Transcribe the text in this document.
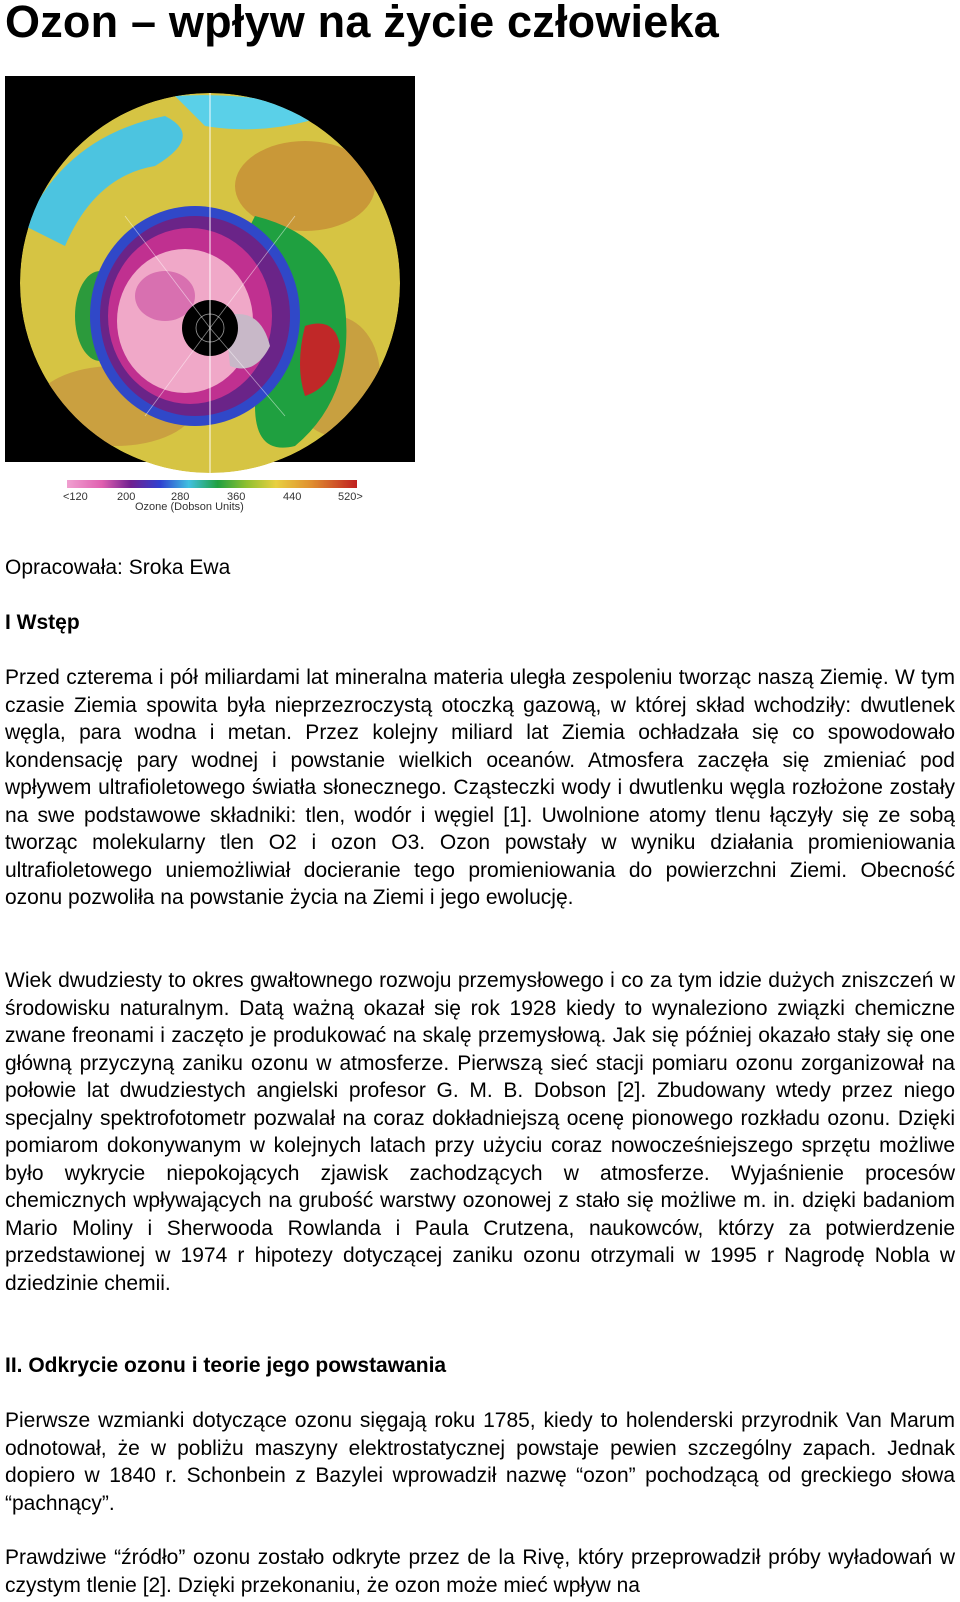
Ozon – wpływ na życie człowieka
<120	200	280	360	440	520>
Ozone (Dobson Units)

Opracowała: Sroka Ewa

I Wstęp

Przed czterema i pół miliardami lat mineralna materia uległa zespoleniu tworząc naszą Ziemię. W tym czasie Ziemia spowita była nieprzezroczystą otoczką gazową, w której skład wchodziły: dwutlenek węgla, para wodna i metan. Przez kolejny miliard lat Ziemia ochładzała się co spowodowało kondensację pary wodnej i powstanie wielkich oceanów. Atmosfera zaczęła się zmieniać pod wpływem ultrafioletowego światła słonecznego. Cząsteczki wody i dwutlenku węgla rozłożone zostały na swe podstawowe składniki: tlen, wodór i węgiel [1]. Uwolnione atomy tlenu łączyły się ze sobą tworząc molekularny tlen O2 i ozon O3. Ozon powstały w wyniku działania promieniowania ultrafioletowego uniemożliwiał docieranie tego promieniowania do powierzchni Ziemi. Obecność ozonu pozwoliła na powstanie życia na Ziemi i jego ewolucję.

Wiek dwudziesty to okres gwałtownego rozwoju przemysłowego i co za tym idzie dużych zniszczeń w środowisku naturalnym. Datą ważną okazał się rok 1928 kiedy to wynaleziono związki chemiczne zwane freonami i zaczęto je produkować na skalę przemysłową. Jak się później okazało stały się one główną przyczyną zaniku ozonu w atmosferze. Pierwszą sieć stacji pomiaru ozonu zorganizował na połowie lat dwudziestych angielski profesor G. M. B. Dobson [2]. Zbudowany wtedy przez niego specjalny spektrofotometr pozwalał na coraz dokładniejszą ocenę pionowego rozkładu ozonu. Dzięki pomiarom dokonywanym w kolejnych latach przy użyciu coraz nowocześniejszego sprzętu możliwe było wykrycie niepokojących zjawisk zachodzących w atmosferze. Wyjaśnienie procesów chemicznych wpływających na grubość warstwy ozonowej z stało się możliwe m. in. dzięki badaniom Mario Moliny i Sherwooda Rowlanda i Paula Crutzena, naukowców, którzy za potwierdzenie przedstawionej w 1974 r hipotezy dotyczącej zaniku ozonu otrzymali w 1995 r Nagrodę Nobla w dziedzinie chemii.

II. Odkrycie ozonu i teorie jego powstawania

Pierwsze wzmianki dotyczące ozonu sięgają roku 1785, kiedy to holenderski przyrodnik Van Marum odnotował, że w pobliżu maszyny elektrostatycznej powstaje pewien szczególny zapach. Jednak dopiero w 1840 r. Schonbein z Bazylei wprowadził nazwę “ozon” pochodzącą od greckiego słowa “pachnący”.

Prawdziwe “źródło” ozonu zostało odkryte przez de la Rivę, który przeprowadził próby wyładowań w czystym tlenie [2]. Dzięki przekonaniu, że ozon może mieć wpływ na
